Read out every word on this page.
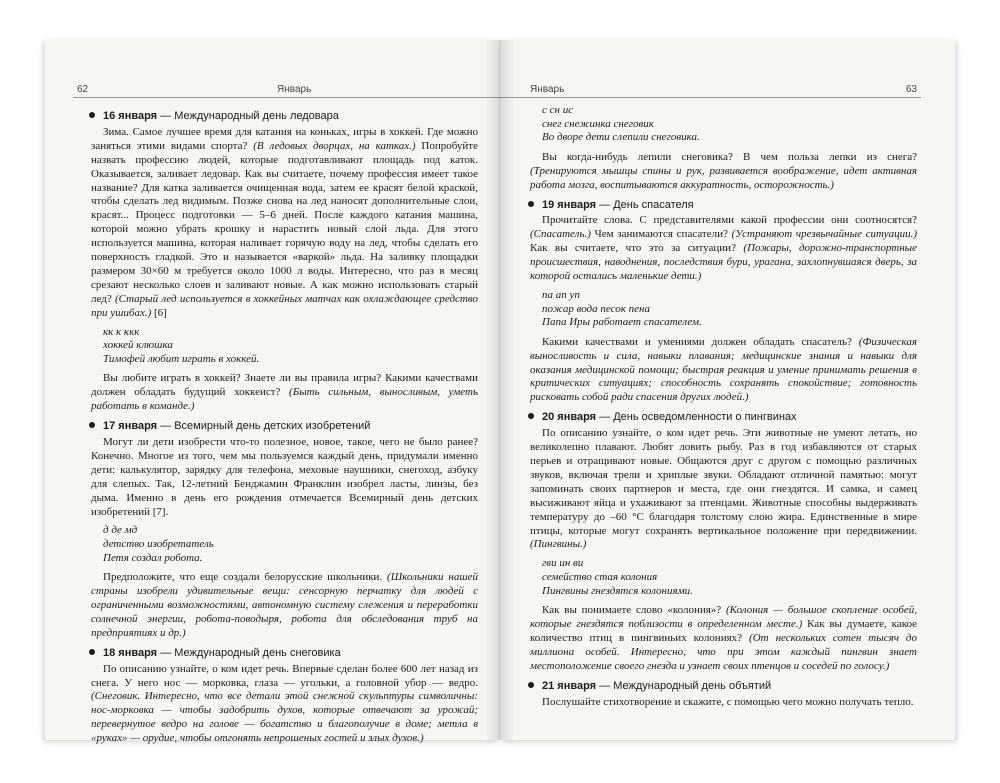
62	Январь	Январь	63
16 января — Международный день ледовара

Зима. Самое лучшее время для катания на коньках, игры в хоккей. Где можно заняться этими видами спорта? (В ледовых дворцах, на катках.) Попробуйте назвать профессию людей, которые подготавливают площадь под каток. Оказывается, заливает ледовар. Как вы считаете, почему профессия имеет такое название? Для катка заливается очищенная вода, затем ее красят белой краской, чтобы сделать лед видимым. Позже снова на лед наносят дополнительные слои, красят... Процесс подготовки — 5–6 дней. После каждого катания машина, которой можно убрать крошку и нарастить новый слой льда. Для этого используется машина, которая наливает горячую воду на лед, чтобы сделать его поверхность гладкой. Это и называется «варкой» льда. На заливку площадки размером 30×60 м требуется около 1000 л воды. Интересно, что раз в месяц срезают несколько слоев и заливают новые. А как можно использовать старый лед? (Старый лед используется в хоккейных матчах как охлаждающее средство при ушибах.) [6]

кк к ккк
хоккей клюшка
Тимофей любит играть в хоккей.

Вы любите играть в хоккей? Знаете ли вы правила игры? Какими качествами должен обладать будущий хоккеист? (Быть сильным, выносливым, уметь работать в команде.)

17 января — Всемирный день детских изобретений

Могут ли дети изобрести что-то полезное, новое, такое, чего не было ранее? Конечно. Многое из того, чем мы пользуемся каждый день, придумали именно дети: калькулятор, зарядку для телефона, меховые наушники, снегоход, азбуку для слепых. Так, 12-летний Бенджамин Франклин изобрел ласты, линзы, без дыма. Именно в день его рождения отмечается Всемирный день детских изобретений [7].

д де мд
детство изобретатель
Петя создал робота.

Предположите, что еще создали белорусские школьники. (Школьники нашей страны изобрели удивительные вещи: сенсорную перчатку для людей с ограниченными возможностями, автономную систему слежения и переработки солнечной энергии, робота-поводыря, робота для обследования труб на предприятиях и др.)

18 января — Международный день снеговика

По описанию узнайте, о ком идет речь. Впервые сделан более 600 лет назад из снега. У него нос — морковка, глаза — угольки, а головной убор — ведро. (Снеговик. Интересно, что все детали этой снежной скульптуры символичны: нос-морковка — чтобы задобрить духов, которые отвечают за урожай; перевернутое ведро на голове — богатство и благополучие в доме; метла в «руках» — орудие, чтобы отгонять непрошеных гостей и злых духов.)

с сн ис
снег снежинка снеговик
Во дворе дети слепили снеговика.

Вы когда-нибудь лепили снеговика? В чем польза лепки из снега? (Тренируются мышцы спины и рук, развивается воображение, идет активная работа мозга, воспитываются аккуратность, осторожность.)

19 января — День спасателя

Прочитайте слова. С представителями какой профессии они соотносятся? (Спасатель.) Чем занимаются спасатели? (Устраняют чрезвычайные ситуации.) Как вы считаете, что это за ситуации? (Пожары, дорожно-транспортные происшествия, наводнения, последствия бури, урагана, захлопнувшаяся дверь, за которой остались маленькие дети.)

па ап уп
пожар вода песок пена
Папа Иры работает спасателем.

Какими качествами и умениями должен обладать спасатель? (Физическая выносливость и сила, навыки плавания; медицинские знания и навыки для оказания медицинской помощи; быстрая реакция и умение принимать решения в критических ситуациях; способность сохранять спокойствие; готовность рисковать собой ради спасения других людей.)

20 января — День осведомленности о пингвинах

По описанию узнайте, о ком идет речь. Эти животные не умеют летать, но великолепно плавают. Любят ловить рыбу. Раз в год избавляются от старых перьев и отращивают новые. Общаются друг с другом с помощью различных звуков, включая трели и хриплые звуки. Обладают отличной памятью: могут запоминать своих партнеров и места, где они гнездятся. И самка, и самец высиживают яйца и ухаживают за птенцами. Животные способны выдерживать температуру до –60 °С благодаря толстому слою жира. Единственные в мире птицы, которые могут сохранять вертикальное положение при передвижении. (Пингвины.)

гви ин ви
семейство стая колония
Пингвины гнездятся колониями.

Как вы понимаете слово «колония»? (Колония — большое скопление особей, которые гнездятся поблизости в определенном месте.) Как вы думаете, какое количество птиц в пингвиньих колониях? (От нескольких сотен тысяч до миллиона особей. Интересно, что при этом каждый пингвин знает местоположение своего гнезда и узнает своих птенцов и соседей по голосу.)

21 января — Международный день объятий

Послушайте стихотворение и скажите, с помощью чего можно получать тепло.
